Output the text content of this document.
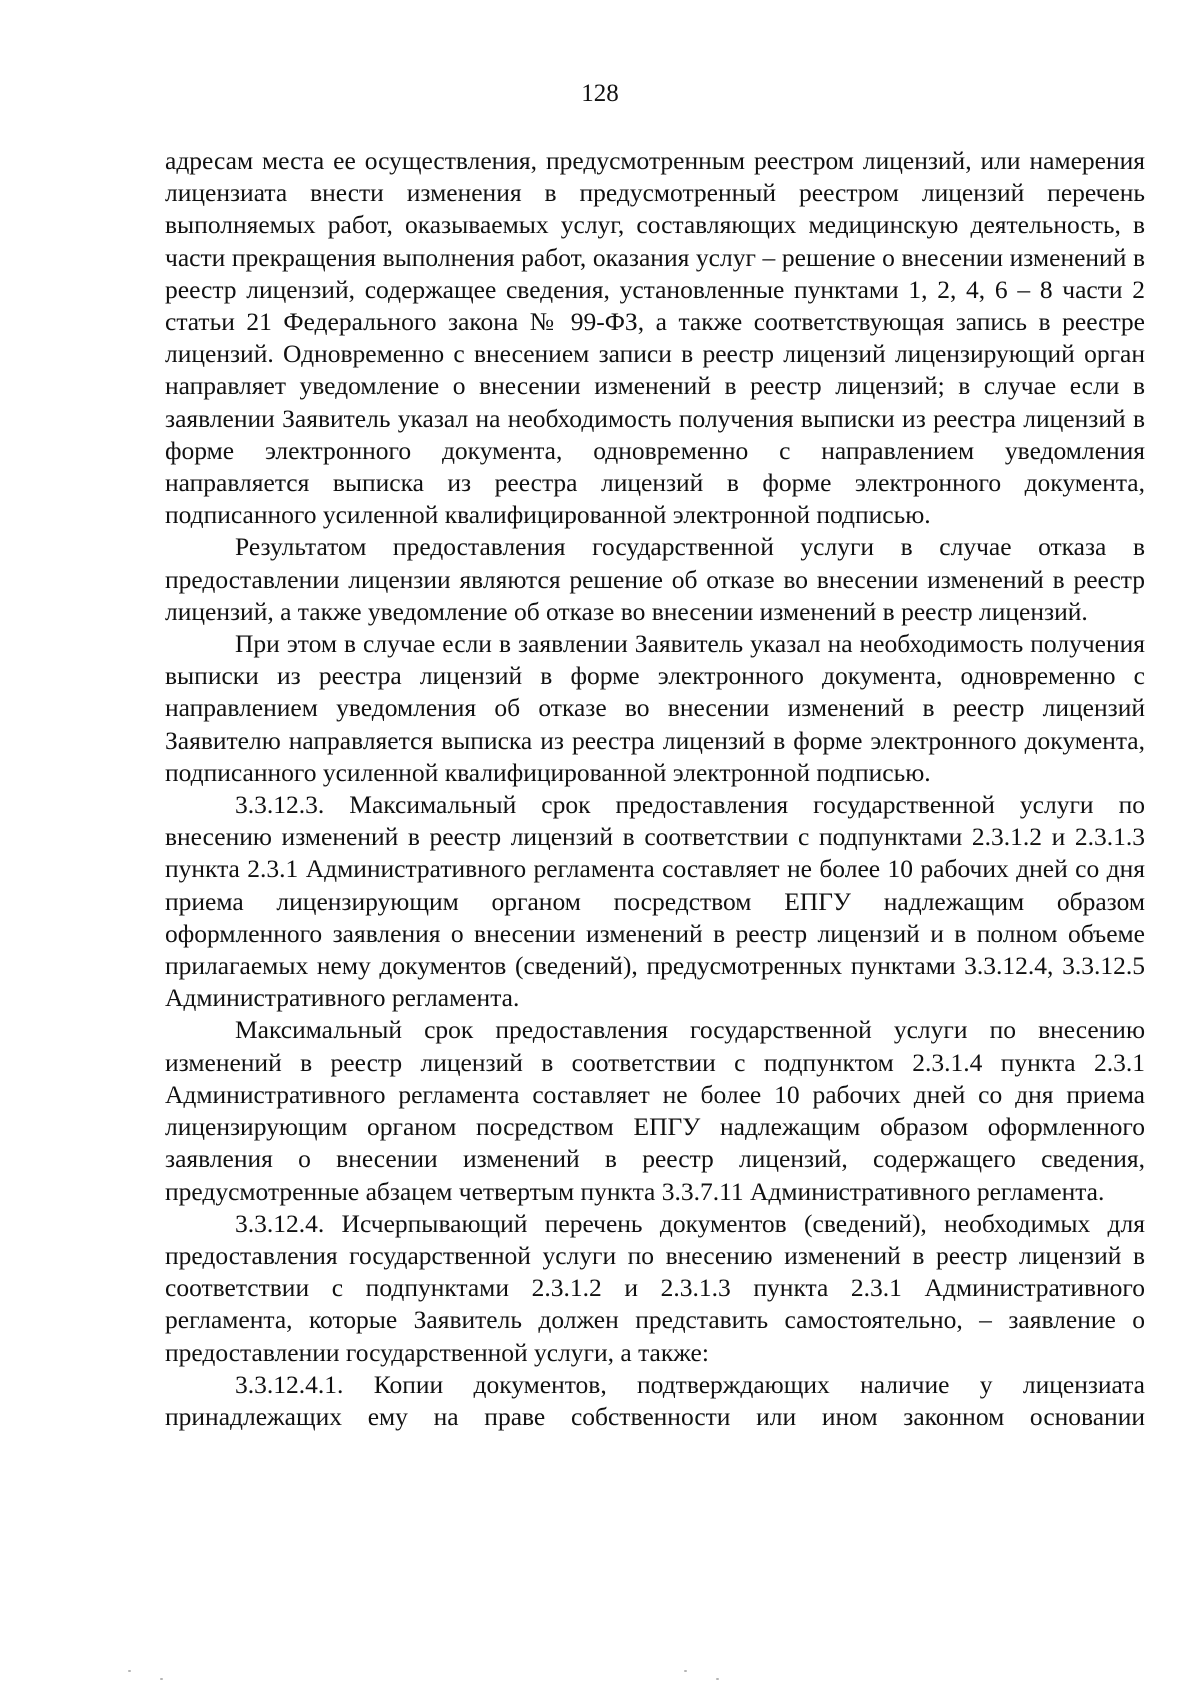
128

адресам места ее осуществления, предусмотренным реестром лицензий, или намерения лицензиата внести изменения в предусмотренный реестром лицензий перечень выполняемых работ, оказываемых услуг, составляющих медицинскую деятельность, в части прекращения выполнения работ, оказания услуг – решение о внесении изменений в реестр лицензий, содержащее сведения, установленные пунктами 1, 2, 4, 6 – 8 части 2 статьи 21 Федерального закона № 99-ФЗ, а также соответствующая запись в реестре лицензий. Одновременно с внесением записи в реестр лицензий лицензирующий орган направляет уведомление о внесении изменений в реестр лицензий; в случае если в заявлении Заявитель указал на необходимость получения выписки из реестра лицензий в форме электронного документа, одновременно с направлением уведомления направляется выписка из реестра лицензий в форме электронного документа, подписанного усиленной квалифицированной электронной подписью.

Результатом предоставления государственной услуги в случае отказа в предоставлении лицензии являются решение об отказе во внесении изменений в реестр лицензий, а также уведомление об отказе во внесении изменений в реестр лицензий.

При этом в случае если в заявлении Заявитель указал на необходимость получения выписки из реестра лицензий в форме электронного документа, одновременно с направлением уведомления об отказе во внесении изменений в реестр лицензий Заявителю направляется выписка из реестра лицензий в форме электронного документа, подписанного усиленной квалифицированной электронной подписью.

3.3.12.3. Максимальный срок предоставления государственной услуги по внесению изменений в реестр лицензий в соответствии с подпунктами 2.3.1.2 и 2.3.1.3 пункта 2.3.1 Административного регламента составляет не более 10 рабочих дней со дня приема лицензирующим органом посредством ЕПГУ надлежащим образом оформленного заявления о внесении изменений в реестр лицензий и в полном объеме прилагаемых нему документов (сведений), предусмотренных пунктами 3.3.12.4, 3.3.12.5 Административного регламента.

Максимальный срок предоставления государственной услуги по внесению изменений в реестр лицензий в соответствии с подпунктом 2.3.1.4 пункта 2.3.1 Административного регламента составляет не более 10 рабочих дней со дня приема лицензирующим органом посредством ЕПГУ надлежащим образом оформленного заявления о внесении изменений в реестр лицензий, содержащего сведения, предусмотренные абзацем четвертым пункта 3.3.7.11 Административного регламента.

3.3.12.4. Исчерпывающий перечень документов (сведений), необходимых для предоставления государственной услуги по внесению изменений в реестр лицензий в соответствии с подпунктами 2.3.1.2 и 2.3.1.3 пункта 2.3.1 Административного регламента, которые Заявитель должен представить самостоятельно, – заявление о предоставлении государственной услуги, а также:

3.3.12.4.1. Копии документов, подтверждающих наличие у лицензиата принадлежащих ему на праве собственности или ином законном основании
